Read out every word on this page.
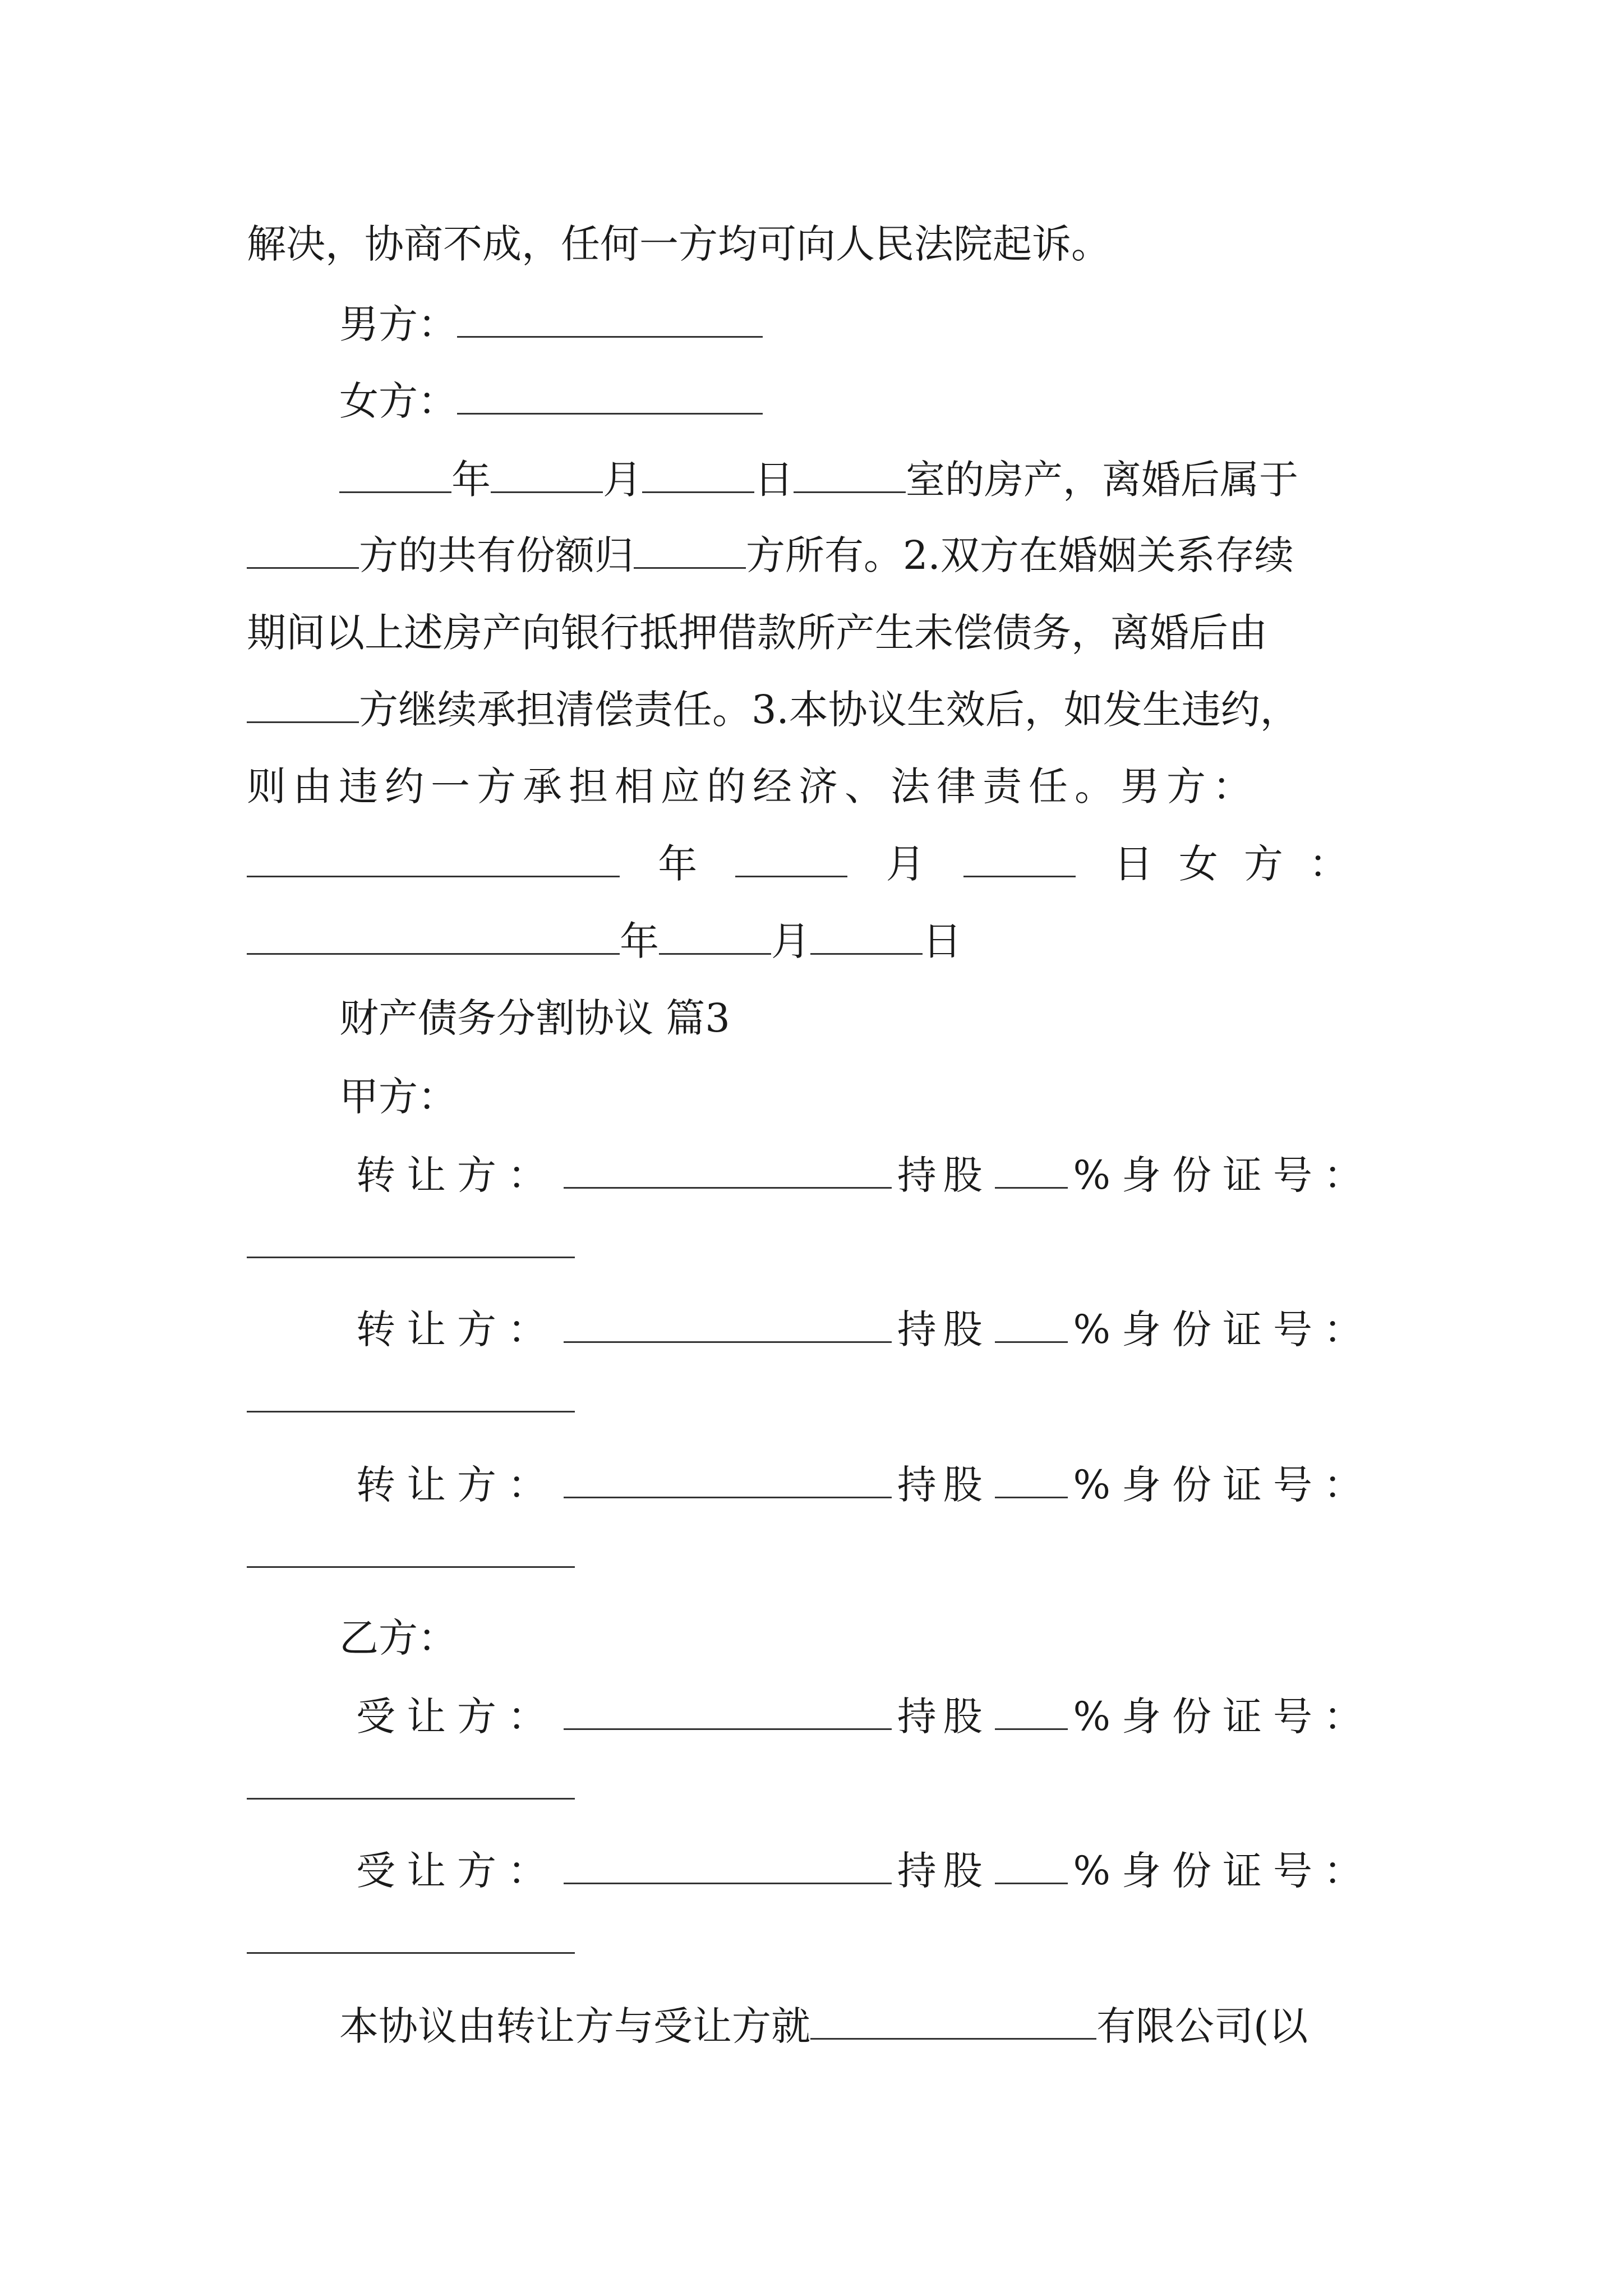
解决，协商不成，任何一方均可向人民法院起诉。
男方：
女方：
年	月	日	室的房产，离婚后属于
方的共有份额归	方所有。2.双方在婚姻关系存续
期间以上述房产向银行抵押借款所产生未偿债务，离婚后由
方继续承担清偿责任。3.本协议生效后，如发生违约，
则由违约一方承担相应的经济、法律责任。男方：
年	月	日女方：
年	月	日
财产债务分割协议 篇3
甲方：
转让方：	持股 %身份证号：
转让方：	持股 %身份证号：
转让方：	持股 %身份证号：
乙方：
受让方：	持股 %身份证号：
受让方：	持股 %身份证号：
本协议由转让方与受让方就	有限公司(以
